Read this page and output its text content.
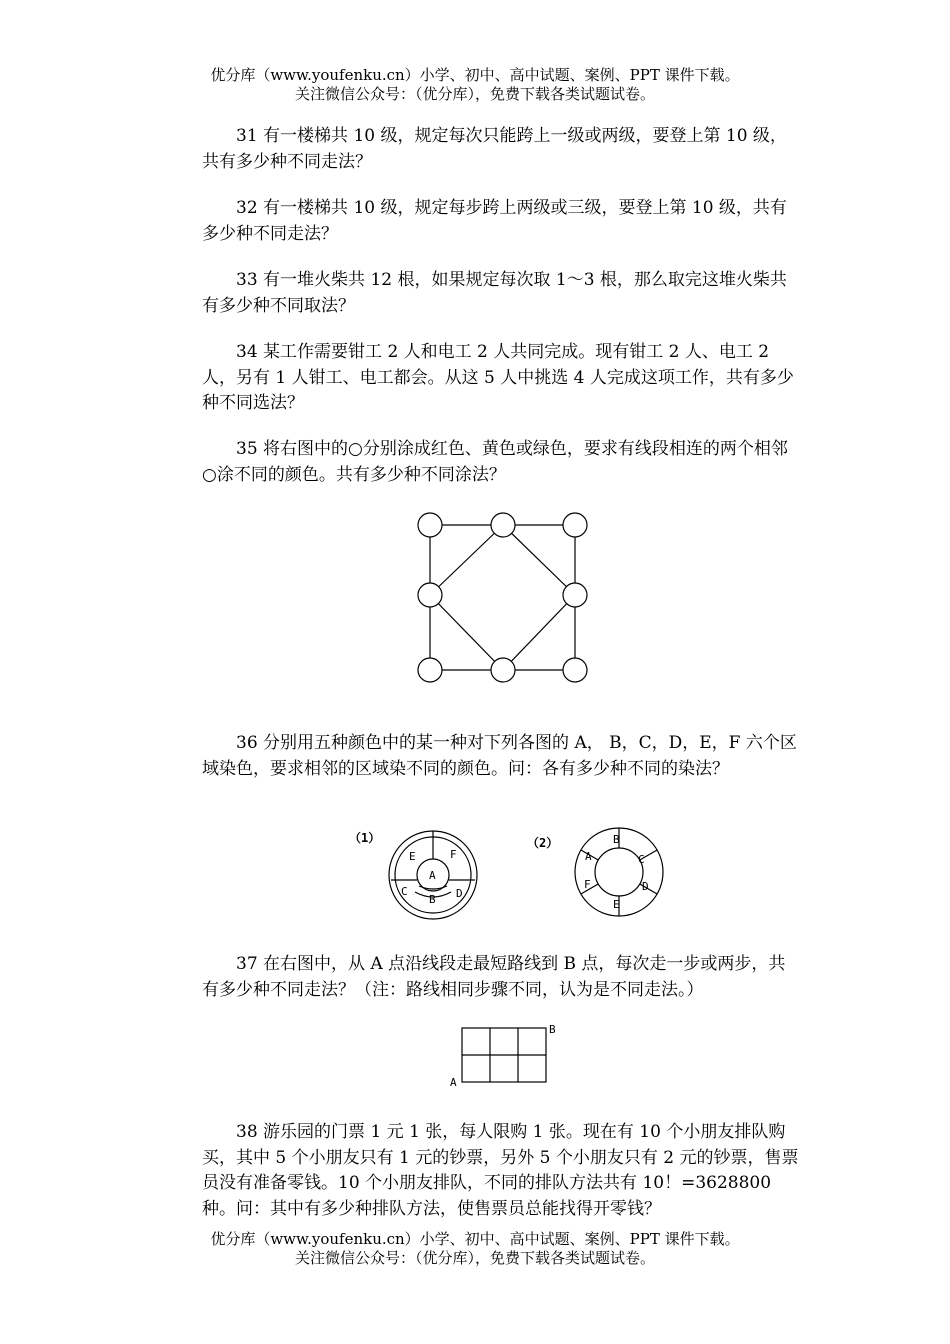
优分库（www.youfenku.cn）小学、初中、高中试题、案例、PPT 课件下载。
关注微信公众号：（优分库），免费下载各类试题试卷。

31 有一楼梯共 10 级，规定每次只能跨上一级或两级，要登上第 10 级，共有多少种不同走法？

32 有一楼梯共 10 级，规定每步跨上两级或三级，要登上第 10 级，共有多少种不同走法？

33 有一堆火柴共 12 根，如果规定每次取 1～3 根，那么取完这堆火柴共有多少种不同取法？

34 某工作需要钳工 2 人和电工 2 人共同完成。现有钳工 2 人、电工 2 人，另有 1 人钳工、电工都会。从这 5 人中挑选 4 人完成这项工作，共有多少种不同选法？

35 将右图中的○分别涂成红色、黄色或绿色，要求有线段相连的两个相邻○涂不同的颜色。共有多少种不同涂法？

36 分别用五种颜色中的某一种对下列各图的 A， B，C，D，E，F 六个区域染色，要求相邻的区域染不同的颜色。问：各有多少种不同的染法？

（1）
E	F
A
C
B D
（2）	B
A	C
F	D
E

37 在右图中，从 A 点沿线段走最短路线到 B 点，每次走一步或两步，共有多少种不同走法？（注：路线相同步骤不同，认为是不同走法。）

A
B

38 游乐园的门票 1 元 1 张，每人限购 1 张。现在有 10 个小朋友排队购买，其中 5 个小朋友只有 1 元的钞票，另外 5 个小朋友只有 2 元的钞票，售票员没有准备零钱。10 个小朋友排队，不同的排队方法共有 10！=3628800 种。问：其中有多少种排队方法，使售票员总能找得开零钱？

优分库（www.youfenku.cn）小学、初中、高中试题、案例、PPT 课件下载。
关注微信公众号：（优分库），免费下载各类试题试卷。
